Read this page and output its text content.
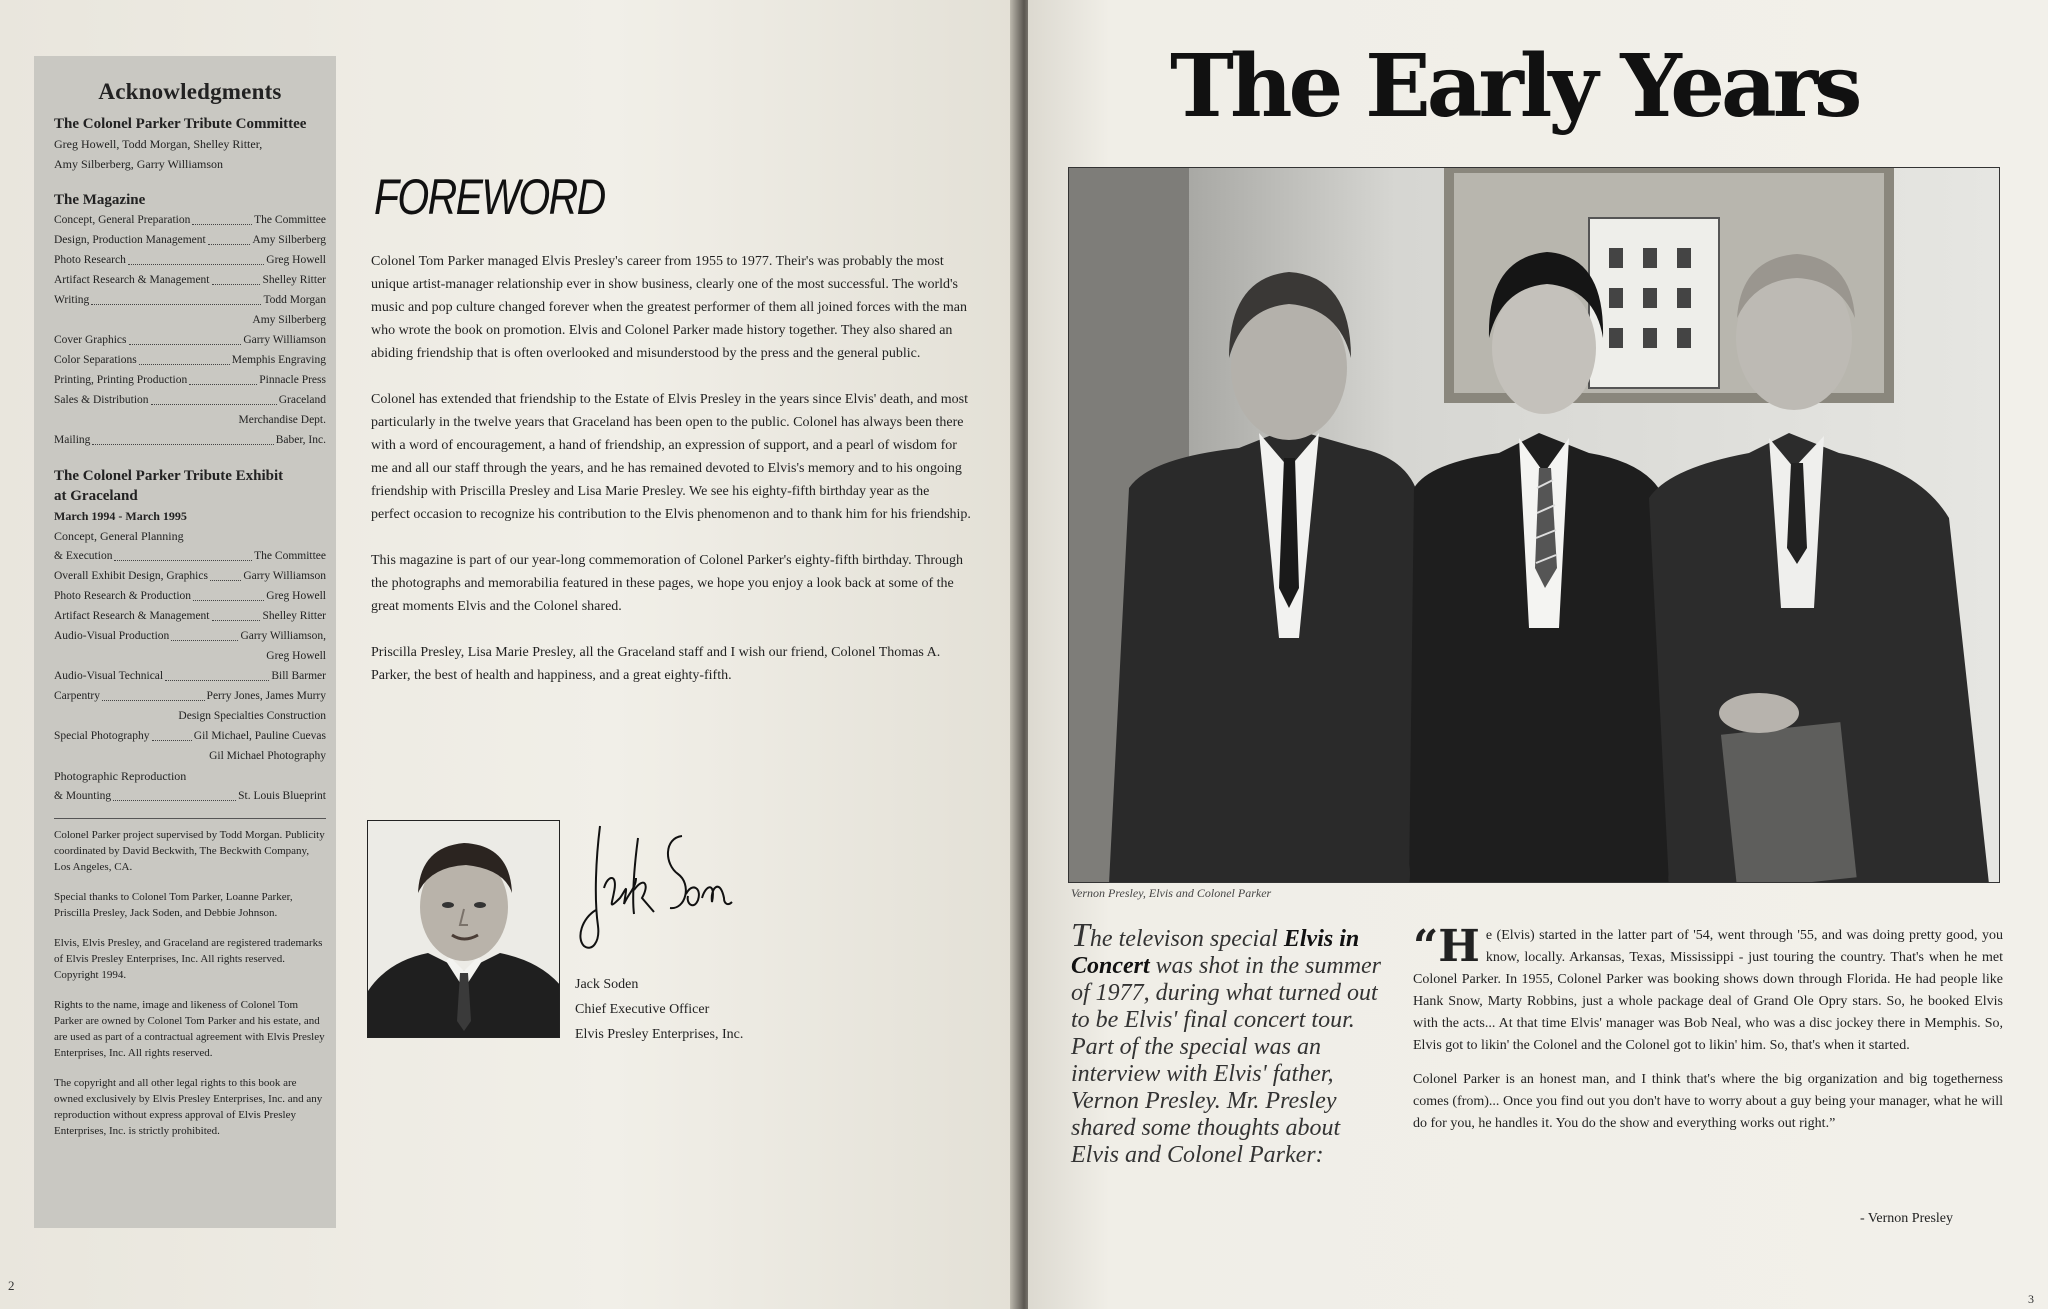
Acknowledgments
The Colonel Parker Tribute Committee
Greg Howell, Todd Morgan, Shelley Ritter,
Amy Silberberg, Garry Williamson
The Magazine
Concept, General Preparation	The Committee
Design, Production Management	Amy Silberberg
Photo Research	Greg Howell
Artifact Research & Management	Shelley Ritter
Writing	Todd Morgan
Amy Silberberg
Cover Graphics	Garry Williamson
Color Separations	Memphis Engraving
Printing, Printing Production	Pinnacle Press
Sales & Distribution	Graceland
Merchandise Dept.
Mailing	Baber, Inc.
The Colonel Parker Tribute Exhibit
at Graceland
March 1994 - March 1995
Concept, General Planning
& Execution	The Committee
Overall Exhibit Design, Graphics	Garry Williamson
Photo Research & Production	Greg Howell
Artifact Research & Management	Shelley Ritter
Audio-Visual Production	Garry Williamson,
Greg Howell
Audio-Visual Technical	Bill Barmer
Carpentry	Perry Jones, James Murry
Design Specialties Construction
Special Photography	Gil Michael, Pauline Cuevas
Gil Michael Photography
Photographic Reproduction
& Mounting	St. Louis Blueprint

Colonel Parker project supervised by Todd Morgan. Publicity coordinated by David Beckwith, The Beckwith Company, Los Angeles, CA.

Special thanks to Colonel Tom Parker, Loanne Parker, Priscilla Presley, Jack Soden, and Debbie Johnson.

Elvis, Elvis Presley, and Graceland are registered trademarks of Elvis Presley Enterprises, Inc. All rights reserved. Copyright 1994.

Rights to the name, image and likeness of Colonel Tom Parker are owned by Colonel Tom Parker and his estate, and are used as part of a contractual agreement with Elvis Presley Enterprises, Inc. All rights reserved.

The copyright and all other legal rights to this book are owned exclusively by Elvis Presley Enterprises, Inc. and any reproduction without express approval of Elvis Presley Enterprises, Inc. is strictly prohibited.

FOREWORD

Colonel Tom Parker managed Elvis Presley's career from 1955 to 1977. Their's was probably the most unique artist-manager relationship ever in show business, clearly one of the most successful. The world's music and pop culture changed forever when the greatest performer of them all joined forces with the man who wrote the book on promotion. Elvis and Colonel Parker made history together. They also shared an abiding friendship that is often overlooked and misunderstood by the press and the general public.

Colonel has extended that friendship to the Estate of Elvis Presley in the years since Elvis' death, and most particularly in the twelve years that Graceland has been open to the public. Colonel has always been there with a word of encouragement, a hand of friendship, an expression of support, and a pearl of wisdom for me and all our staff through the years, and he has remained devoted to Elvis's memory and to his ongoing friendship with Priscilla Presley and Lisa Marie Presley. We see his eighty-fifth birthday year as the perfect occasion to recognize his contribution to the Elvis phenomenon and to thank him for his friendship.

This magazine is part of our year-long commemoration of Colonel Parker's eighty-fifth birthday. Through the photographs and memorabilia featured in these pages, we hope you enjoy a look back at some of the great moments Elvis and the Colonel shared.

Priscilla Presley, Lisa Marie Presley, all the Graceland staff and I wish our friend, Colonel Thomas A. Parker, the best of health and happiness, and a great eighty-fifth.

Jack Soden
Chief Executive Officer
Elvis Presley Enterprises, Inc.
2
3
The Early Years
Vernon Presley, Elvis and Colonel Parker
The televison special Elvis in Concert was shot in the summer of 1977, during what turned out to be Elvis' final concert tour. Part of the special was an interview with Elvis' father, Vernon Presley. Mr. Presley shared some thoughts about Elvis and Colonel Parker:

“He (Elvis) started in the latter part of '54, went through '55, and was doing pretty good, you know, locally. Arkansas, Texas, Mississippi - just touring the country. That's when he met Colonel Parker. In 1955, Colonel Parker was booking shows down through Florida. He had people like Hank Snow, Marty Robbins, just a whole package deal of Grand Ole Opry stars. So, he booked Elvis with the acts... At that time Elvis' manager was Bob Neal, who was a disc jockey there in Memphis. So, Elvis got to likin' the Colonel and the Colonel got to likin' him. So, that's when it started.

Colonel Parker is an honest man, and I think that's where the big organization and big togetherness comes (from)... Once you find out you don't have to worry about a guy being your manager, what he will do for you, he handles it. You do the show and everything works out right.”

- Vernon Presley
